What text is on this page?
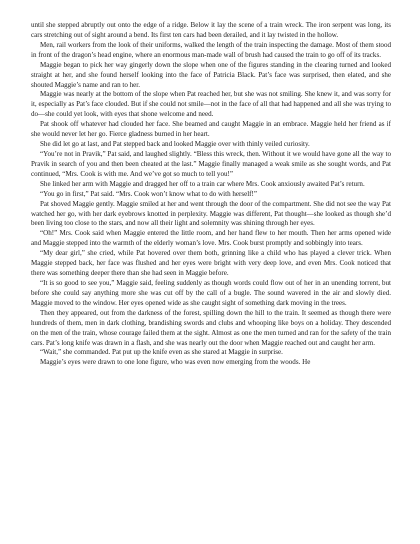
until she stepped abruptly out onto the edge of a ridge. Below it lay the scene of a train wreck. The iron serpent was long, its cars stretching out of sight around a bend. Its first ten cars had been derailed, and it lay twisted in the hollow.

Men, rail workers from the look of their uniforms, walked the length of the train inspecting the damage. Most of them stood in front of the dragon’s head engine, where an enormous man-made wall of brush had caused the train to go off of its tracks.

Maggie began to pick her way gingerly down the slope when one of the figures standing in the clearing turned and looked straight at her, and she found herself looking into the face of Patricia Black. Pat’s face was surprised, then elated, and she shouted Maggie’s name and ran to her.

Maggie was nearly at the bottom of the slope when Pat reached her, but she was not smiling. She knew it, and was sorry for it, especially as Pat’s face clouded. But if she could not smile—not in the face of all that had happened and all she was trying to do—she could yet look, with eyes that shone welcome and need.

Pat shook off whatever had clouded her face. She beamed and caught Maggie in an embrace. Maggie held her friend as if she would never let her go. Fierce gladness burned in her heart.

She did let go at last, and Pat stepped back and looked Maggie over with thinly veiled curiosity.

“You’re not in Pravik,” Pat said, and laughed slightly. “Bless this wreck, then. Without it we would have gone all the way to Pravik in search of you and then been cheated at the last.” Maggie finally managed a weak smile as she sought words, and Pat continued, “Mrs. Cook is with me. And we’ve got so much to tell you!”

She linked her arm with Maggie and dragged her off to a train car where Mrs. Cook anxiously awaited Pat’s return.

“You go in first,” Pat said. “Mrs. Cook won’t know what to do with herself!”

Pat shoved Maggie gently. Maggie smiled at her and went through the door of the compartment. She did not see the way Pat watched her go, with her dark eyebrows knotted in perplexity. Maggie was different, Pat thought—she looked as though she’d been living too close to the stars, and now all their light and solemnity was shining through her eyes.

“Oh!” Mrs. Cook said when Maggie entered the little room, and her hand flew to her mouth. Then her arms opened wide and Maggie stepped into the warmth of the elderly woman’s love. Mrs. Cook burst promptly and sobbingly into tears.

“My dear girl,” she cried, while Pat hovered over them both, grinning like a child who has played a clever trick. When Maggie stepped back, her face was flushed and her eyes were bright with very deep love, and even Mrs. Cook noticed that there was something deeper there than she had seen in Maggie before.

“It is so good to see you,” Maggie said, feeling suddenly as though words could flow out of her in an unending torrent, but before she could say anything more she was cut off by the call of a bugle. The sound wavered in the air and slowly died. Maggie moved to the window. Her eyes opened wide as she caught sight of something dark moving in the trees.

Then they appeared, out from the darkness of the forest, spilling down the hill to the train. It seemed as though there were hundreds of them, men in dark clothing, brandishing swords and clubs and whooping like boys on a holiday. They descended on the men of the train, whose courage failed them at the sight. Almost as one the men turned and ran for the safety of the train cars. Pat’s long knife was drawn in a flash, and she was nearly out the door when Maggie reached out and caught her arm.

“Wait,” she commanded. Pat put up the knife even as she stared at Maggie in surprise.

Maggie’s eyes were drawn to one lone figure, who was even now emerging from the woods. He
